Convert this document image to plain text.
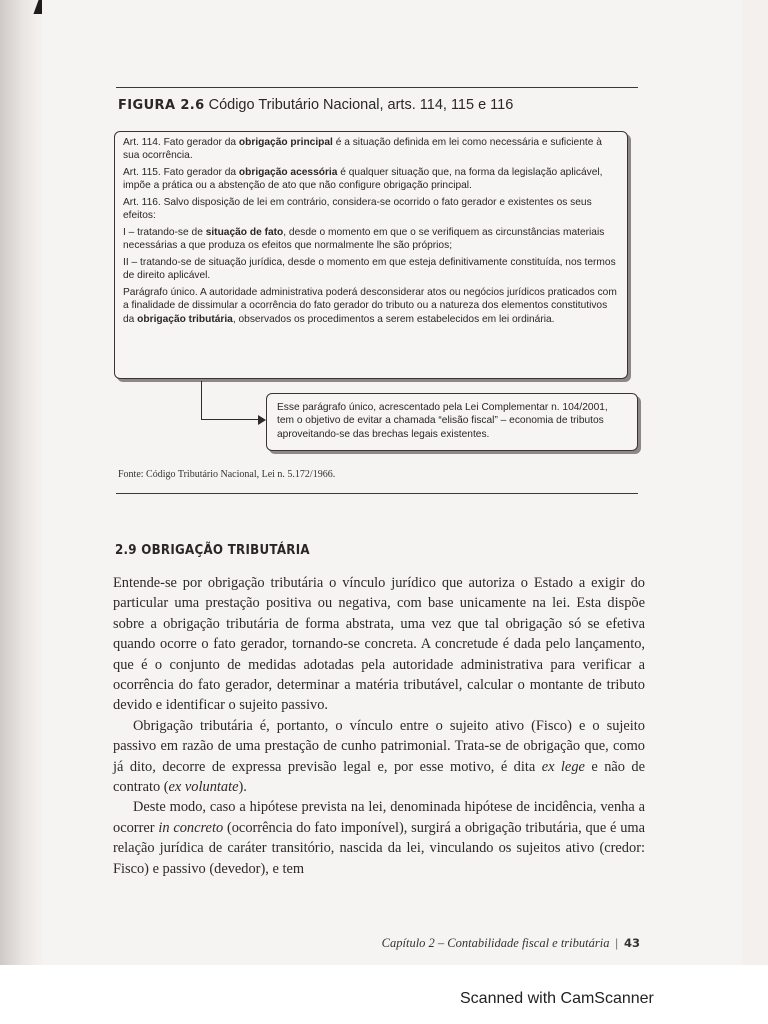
FIGURA 2.6 Código Tributário Nacional, arts. 114, 115 e 116

Art. 114. Fato gerador da obrigação principal é a situação definida em lei como necessária e suficiente à sua ocorrência.

Art. 115. Fato gerador da obrigação acessória é qualquer situação que, na forma da legislação aplicável, impõe a prática ou a abstenção de ato que não configure obrigação principal.

Art. 116. Salvo disposição de lei em contrário, considera-se ocorrido o fato gerador e existentes os seus efeitos:

I – tratando-se de situação de fato, desde o momento em que o se verifiquem as circunstâncias materiais necessárias a que produza os efeitos que normalmente lhe são próprios;

II – tratando-se de situação jurídica, desde o momento em que esteja definitivamente constituída, nos termos de direito aplicável.

Parágrafo único. A autoridade administrativa poderá desconsiderar atos ou negócios jurídicos praticados com a finalidade de dissimular a ocorrência do fato gerador do tributo ou a natureza dos elementos constitutivos da obrigação tributária, observados os procedimentos a serem estabelecidos em lei ordinária.

Esse parágrafo único, acrescentado pela Lei Complementar n. 104/2001, tem o objetivo de evitar a chamada “elisão fiscal” – economia de tributos aproveitando-se das brechas legais existentes.
Fonte: Código Tributário Nacional, Lei n. 5.172/1966.
2.9 OBRIGAÇÃO TRIBUTÁRIA

Entende-se por obrigação tributária o vínculo jurídico que autoriza o Estado a exigir do particular uma prestação positiva ou negativa, com base unicamente na lei. Esta dispõe sobre a obrigação tributária de forma abstrata, uma vez que tal obrigação só se efetiva quando ocorre o fato gerador, tornando-se concreta. A concretude é dada pelo lançamento, que é o conjunto de medidas adotadas pela autoridade administrativa para verificar a ocorrência do fato gerador, determinar a matéria tributável, calcular o montante de tributo devido e identificar o sujeito passivo.

Obrigação tributária é, portanto, o vínculo entre o sujeito ativo (Fisco) e o sujeito passivo em razão de uma prestação de cunho patrimonial. Trata-se de obrigação que, como já dito, decorre de expressa previsão legal e, por esse motivo, é dita ex lege e não de contrato (ex voluntate).

Deste modo, caso a hipótese prevista na lei, denominada hipótese de incidência, venha a ocorrer in concreto (ocorrência do fato imponível), surgirá a obrigação tributária, que é uma relação jurídica de caráter transitório, nascida da lei, vinculando os sujeitos ativo (credor: Fisco) e passivo (devedor), e tem

Capítulo 2 – Contabilidade fiscal e tributária | 43
Scanned with CamScanner
